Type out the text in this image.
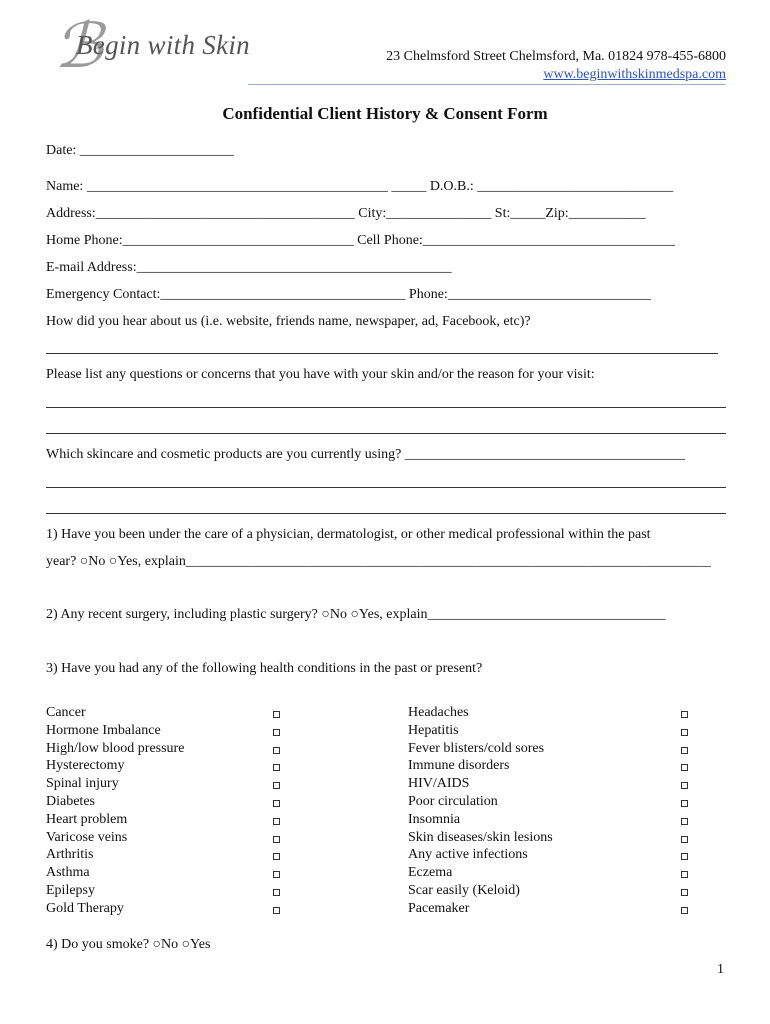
ℬ
Begin with Skin	23 Chelmsford Street Chelmsford, Ma. 01824 978-455-6800
www.beginwithskinmedspa.com
Confidential Client History & Consent Form
Date: ______________________
Name: ___________________________________________ _____ D.O.B.: ____________________________
Address:_____________________________________ City:_______________ St:_____Zip:___________
Home Phone:_________________________________ Cell Phone:____________________________________
E-mail Address:_____________________________________________
Emergency Contact:___________________________________ Phone:_____________________________
How did you hear about us (i.e. website, friends name, newspaper, ad, Facebook, etc)?
Please list any questions or concerns that you have with your skin and/or the reason for your visit:
Which skincare and cosmetic products are you currently using? ________________________________________
1) Have you been under the care of a physician, dermatologist, or other medical professional within the past
year? ○No ○Yes, explain___________________________________________________________________________
2) Any recent surgery, including plastic surgery? ○No ○Yes, explain__________________________________
3) Have you had any of the following health conditions in the past or present?
Cancer
Hormone Imbalance
High/low blood pressure
Hysterectomy
Spinal injury
Diabetes
Heart problem
Varicose veins
Arthritis
Asthma
Epilepsy
Gold Therapy
Headaches
Hepatitis
Fever blisters/cold sores
Immune disorders
HIV/AIDS
Poor circulation
Insomnia
Skin diseases/skin lesions
Any active infections
Eczema
Scar easily (Keloid)
Pacemaker
4) Do you smoke? ○No ○Yes
1
